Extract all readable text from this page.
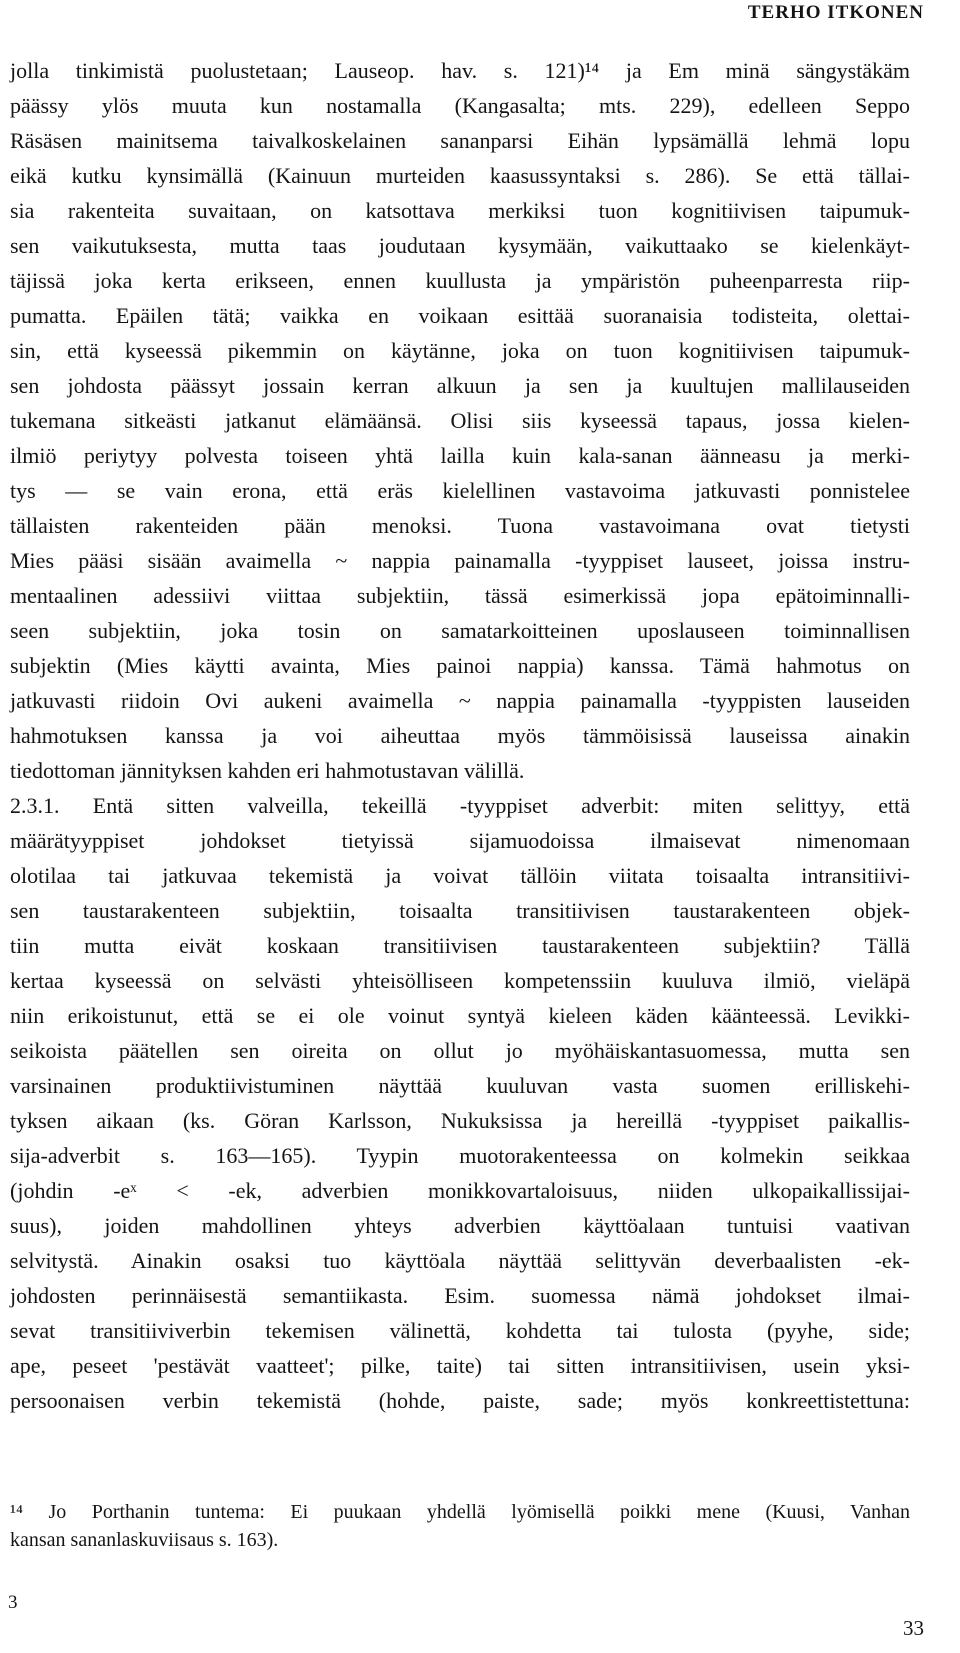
TERHO ITKONEN
jolla tinkimistä puolustetaan; Lauseop. hav. s. 121)¹⁴ ja Em minä sängystäkäm
päässy ylös muuta kun nostamalla (Kangasalta; mts. 229), edelleen Seppo
Räsäsen mainitsema taivalkoskelainen sananparsi Eihän lypsämällä lehmä lopu
eikä kutku kynsimällä (Kainuun murteiden kaasussyntaksi s. 286). Se että tällai-
sia rakenteita suvaitaan, on katsottava merkiksi tuon kognitiivisen taipumuk-
sen vaikutuksesta, mutta taas joudutaan kysymään, vaikuttaako se kielenkäyt-
täjissä joka kerta erikseen, ennen kuullusta ja ympäristön puheenparresta riip-
pumatta. Epäilen tätä; vaikka en voikaan esittää suoranaisia todisteita, olettai-
sin, että kyseessä pikemmin on käytänne, joka on tuon kognitiivisen taipumuk-
sen johdosta päässyt jossain kerran alkuun ja sen ja kuultujen mallilauseiden
tukemana sitkeästi jatkanut elämäänsä. Olisi siis kyseessä tapaus, jossa kielen-
ilmiö periytyy polvesta toiseen yhtä lailla kuin kala-sanan äänneasu ja merki-
tys — se vain erona, että eräs kielellinen vastavoima jatkuvasti ponnistelee
tällaisten rakenteiden pään menoksi. Tuona vastavoimana ovat tietysti
Mies pääsi sisään avaimella ~ nappia painamalla -tyyppiset lauseet, joissa instru-
mentaalinen adessiivi viittaa subjektiin, tässä esimerkissä jopa epätoiminnalli-
seen subjektiin, joka tosin on samatarkoitteinen uposlauseen toiminnallisen
subjektin (Mies käytti avainta, Mies painoi nappia) kanssa. Tämä hahmotus on
jatkuvasti riidoin Ovi aukeni avaimella ~ nappia painamalla -tyyppisten lauseiden
hahmotuksen kanssa ja voi aiheuttaa myös tämmöisissä lauseissa ainakin
tiedottoman jännityksen kahden eri hahmotustavan välillä.
2.3.1. Entä sitten valveilla, tekeillä -tyyppiset adverbit: miten selittyy, että
määrätyyppiset johdokset tietyissä sijamuodoissa ilmaisevat nimenomaan
olotilaa tai jatkuvaa tekemistä ja voivat tällöin viitata toisaalta intransitiivi-
sen taustarakenteen subjektiin, toisaalta transitiivisen taustarakenteen objek-
tiin mutta eivät koskaan transitiivisen taustarakenteen subjektiin? Tällä
kertaa kyseessä on selvästi yhteisölliseen kompetenssiin kuuluva ilmiö, vieläpä
niin erikoistunut, että se ei ole voinut syntyä kieleen käden käänteessä. Levikki-
seikoista päätellen sen oireita on ollut jo myöhäiskantasuomessa, mutta sen
varsinainen produktiivistuminen näyttää kuuluvan vasta suomen erilliskehi-
tyksen aikaan (ks. Göran Karlsson, Nukuksissa ja hereillä -tyyppiset paikallis-
sija-adverbit s. 163—165). Tyypin muotorakenteessa on kolmekin seikkaa
(johdin -eˣ < -ek, adverbien monikkovartaloisuus, niiden ulkopaikallissijai-
suus), joiden mahdollinen yhteys adverbien käyttöalaan tuntuisi vaativan
selvitystä. Ainakin osaksi tuo käyttöala näyttää selittyvän deverbaalisten -ek-
johdosten perinnäisestä semantiikasta. Esim. suomessa nämä johdokset ilmai-
sevat transitiiviverbin tekemisen välinettä, kohdetta tai tulosta (pyyhe, side;
ape, peseet 'pestävät vaatteet'; pilke, taite) tai sitten intransitiivisen, usein yksi-
persoonaisen verbin tekemistä (hohde, paiste, sade; myös konkreettistettuna:
¹⁴ Jo Porthanin tuntema: Ei puukaan yhdellä lyömisellä poikki mene (Kuusi, Vanhan
kansan sananlaskuviisaus s. 163).
3
33
